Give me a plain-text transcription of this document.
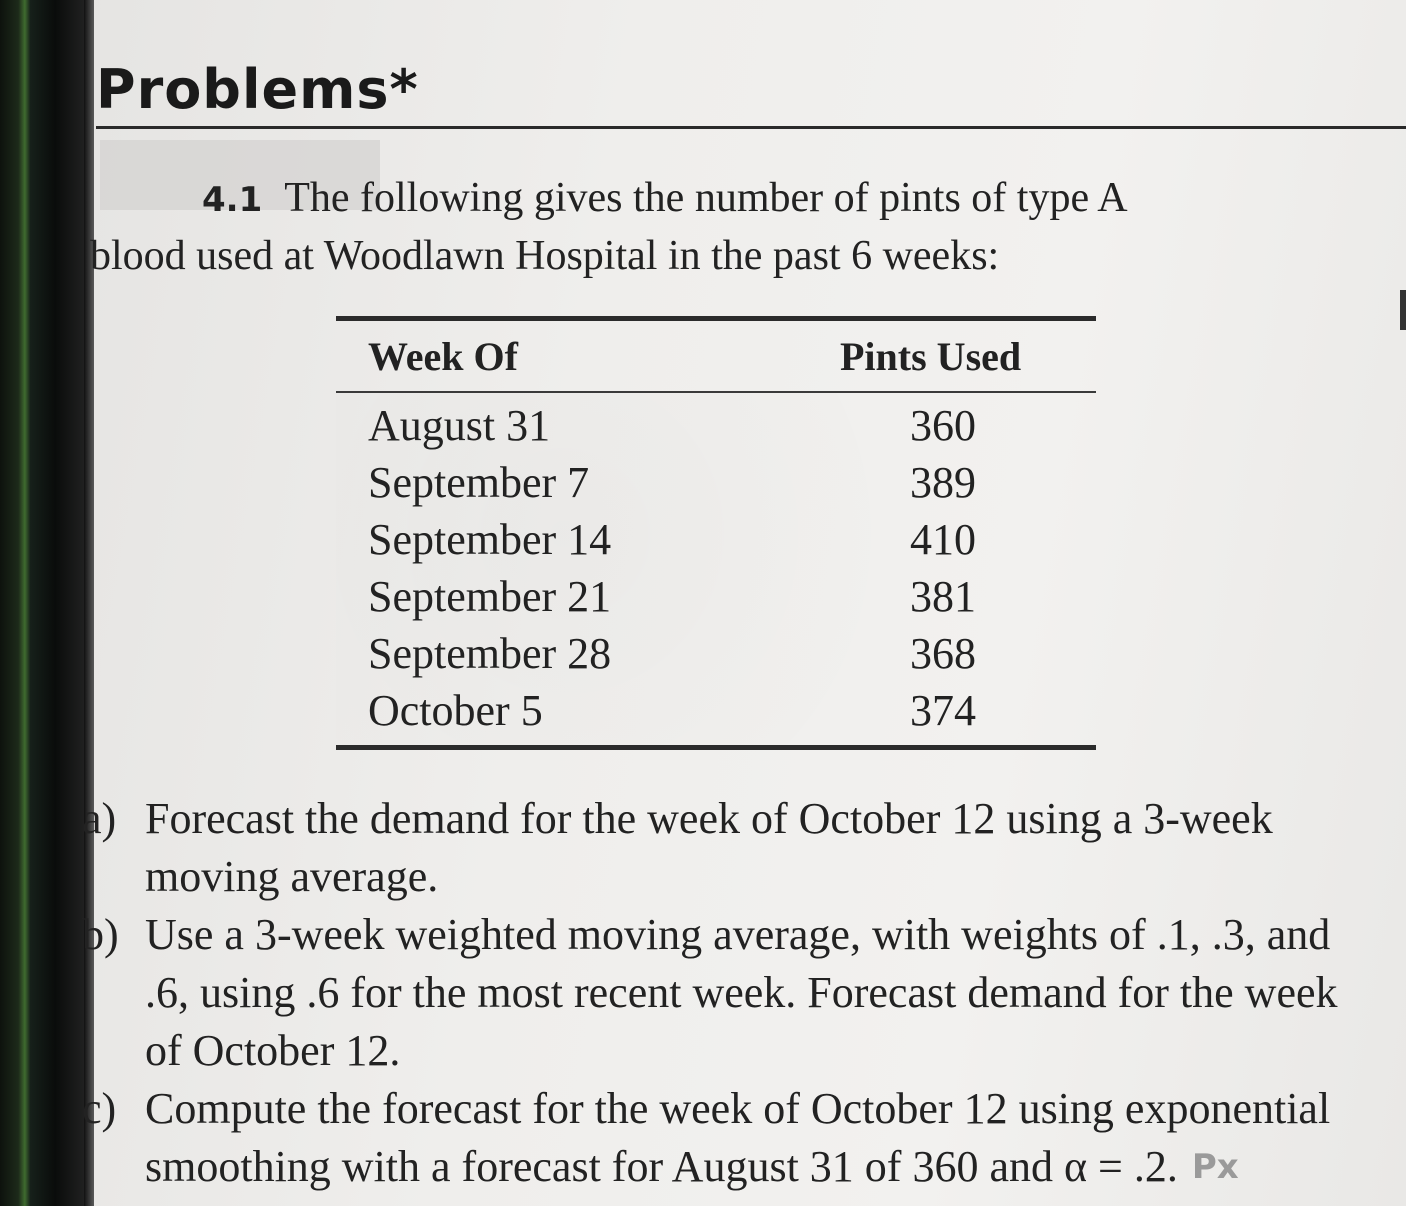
Problems*
4.1 The following gives the number of pints of type A
blood used at Woodlawn Hospital in the past 6 weeks:
Week Of	Pints Used
August 31	360
September 7	389
September 14	410
September 21	381
September 28	368
October 5	374
a) Forecast the demand for the week of October 12 using a 3-week moving average.
b) Use a 3-week weighted moving average, with weights of .1, .3, and .6, using .6 for the most recent week. Forecast demand for the week of October 12.
c) Compute the forecast for the week of October 12 using exponential smoothing with a forecast for August 31 of 360 and α = .2. Px
